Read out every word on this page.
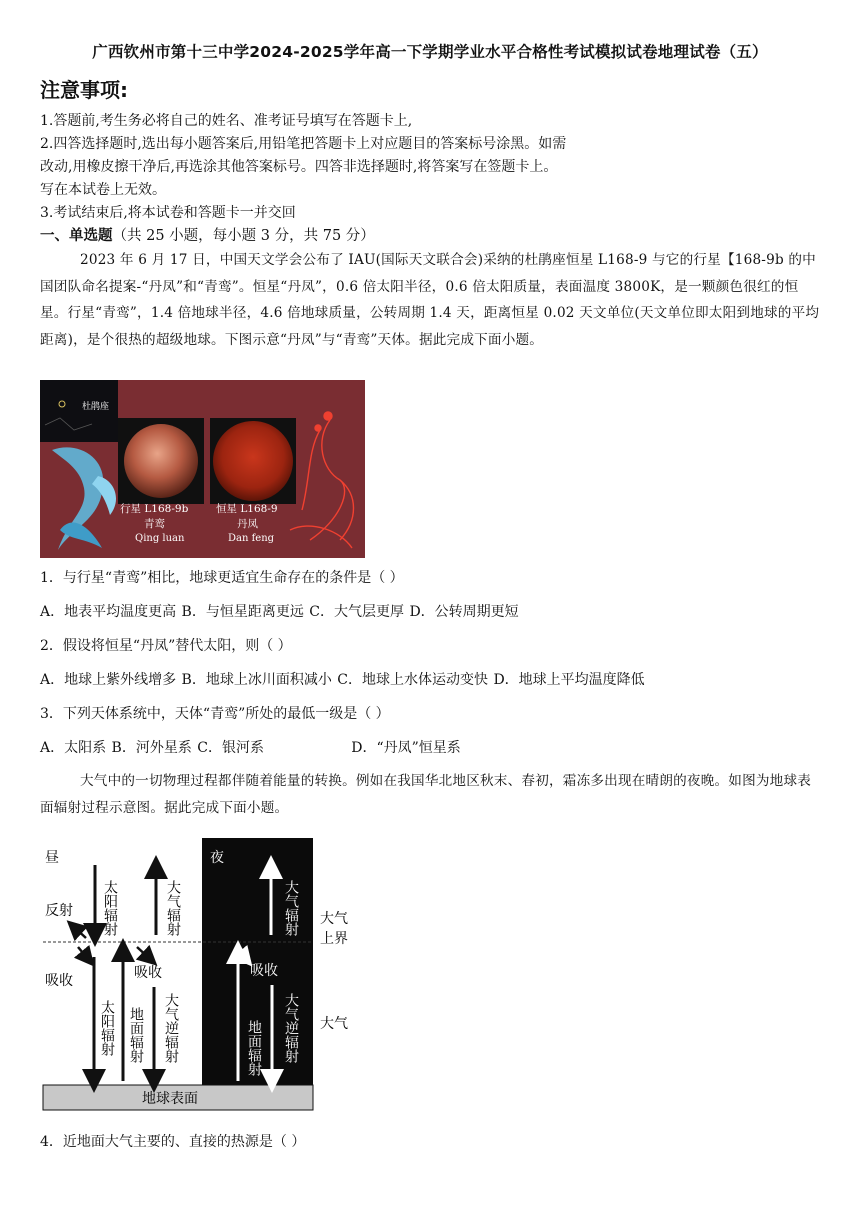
广西钦州市第十三中学2024-2025学年高一下学期学业水平合格性考试模拟试卷地理试卷（五）
注意事项:
1.答题前,考生务必将自己的姓名、准考证号填写在答题卡上,
2.四答选择题时,选出每小题答案后,用铅笔把答题卡上对应题目的答案标号涂黑。如需
改动,用橡皮擦干净后,再选涂其他答案标号。四答非选择题时,将答案写在签题卡上。
写在本试卷上无效。
3.考试结束后,将本试卷和答题卡一并交回
一、单选题（共 25 小题，每小题 3 分，共 75 分）
2023 年 6 月 17 日，中国天文学会公布了 IAU(国际天文联合会)采纳的杜鹃座恒星 L168-9 与它的行星【168-9b 的中国团队命名提案-“丹凤”和“青鸾”。恒星“丹凤”，0.6 倍太阳半径，0.6 倍太阳质量，表面温度 3800K，是一颗颜色很红的恒星。行星“青鸾”，1.4 倍地球半径，4.6 倍地球质量，公转周期 1.4 天，距离恒星 0.02 天文单位(天文单位即太阳到地球的平均距离)，是个很热的超级地球。下图示意“丹凤”与“青鸾”天体。据此完成下面小题。
杜鹃座
行星 L168-9b
青鸾
Qing luan
恒星 L168-9
丹凤
Dan feng
1．与行星“青鸾”相比，地球更适宜生命存在的条件是（ ）
A．地表平均温度更高 B．与恒星距离更远 C．大气层更厚 D．公转周期更短
2．假设将恒星“丹凤”替代太阳，则（ ）
A．地球上紫外线增多 B．地球上冰川面积减小 C．地球上水体运动变快 D．地球上平均温度降低
3．下列天体系统中，天体“青鸾”所处的最低一级是（ ）
A．太阳系 B．河外星系 C．银河系                D．“丹凤”恒星系
大气中的一切物理过程都伴随着能量的转换。例如在我国华北地区秋末、春初，霜冻多出现在晴朗的夜晚。如图为地球表面辐射过程示意图。据此完成下面小题。
地球表面
昼	夜
太阳辐射	大气辐射
反射
吸收	吸收
太阳辐射 地面辐射 大气逆辐射
大气辐射
吸收
地面辐射 大气逆辐射
大气
上界
大气
4．近地面大气主要的、直接的热源是（ ）
